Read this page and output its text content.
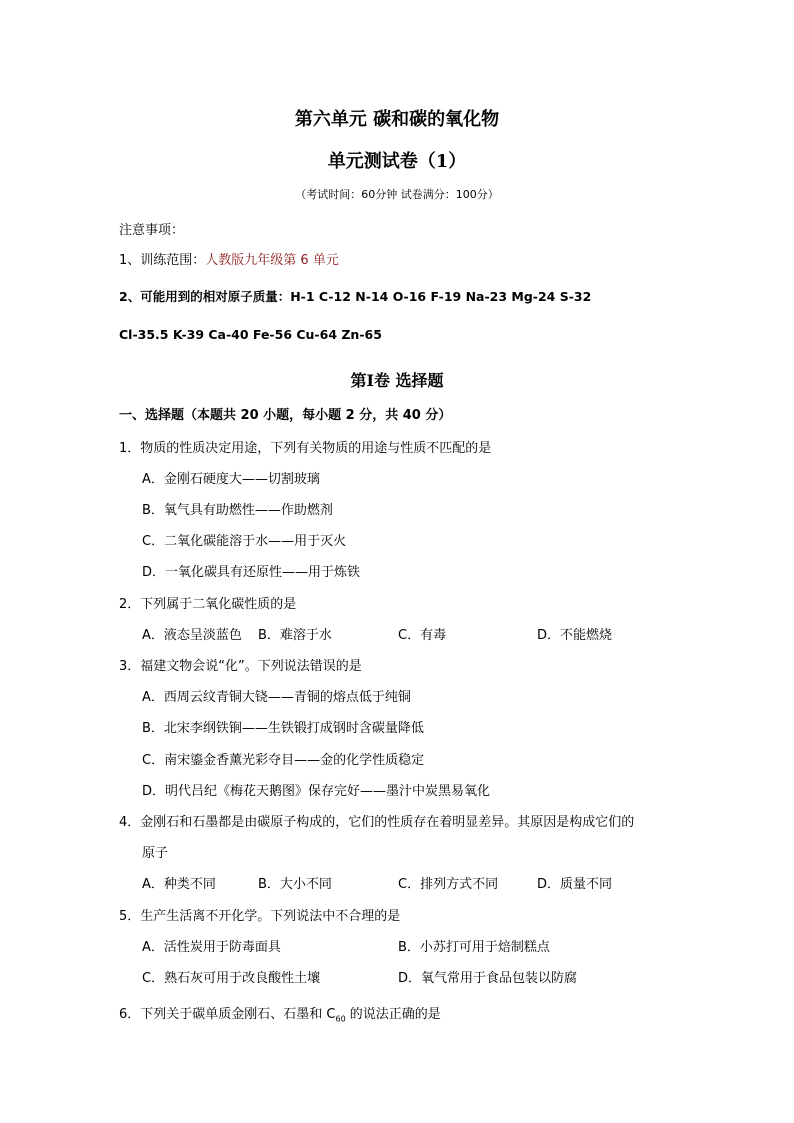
第六单元 碳和碳的氧化物
单元测试卷（1）
（考试时间：60分钟 试卷满分：100分）
注意事项：
1、训练范围：人教版九年级第 6 单元
2、可能用到的相对原子质量：H-1 C-12 N-14 O-16 F-19 Na-23 Mg-24 S-32
Cl-35.5 K-39 Ca-40 Fe-56 Cu-64 Zn-65
第Ⅰ卷 选择题
一、选择题（本题共 20 小题，每小题 2 分，共 40 分）
1．物质的性质决定用途，下列有关物质的用途与性质不匹配的是
A．金刚石硬度大——切割玻璃
B．氧气具有助燃性——作助燃剂
C．二氧化碳能溶于水——用于灭火
D．一氧化碳具有还原性——用于炼铁
2．下列属于二氧化碳性质的是
A．液态呈淡蓝色 B．难溶于水	C．有毒	D．不能燃烧
3．福建文物会说“化”。下列说法错误的是
A．西周云纹青铜大铙——青铜的熔点低于纯铜
B．北宋李纲铁锏——生铁锻打成钢时含碳量降低
C．南宋鎏金香薰光彩夺目——金的化学性质稳定
D．明代吕纪《梅花天鹅图》保存完好——墨汁中炭黑易氧化
4．金刚石和石墨都是由碳原子构成的，它们的性质存在着明显差异。其原因是构成它们的
原子
A．种类不同	B．大小不同	C．排列方式不同	D．质量不同
5．生产生活离不开化学。下列说法中不合理的是
A．活性炭用于防毒面具	B．小苏打可用于焙制糕点
C．熟石灰可用于改良酸性土壤	D．氧气常用于食品包装以防腐
6．下列关于碳单质金刚石、石墨和 $C_{60}$ 的说法正确的是
